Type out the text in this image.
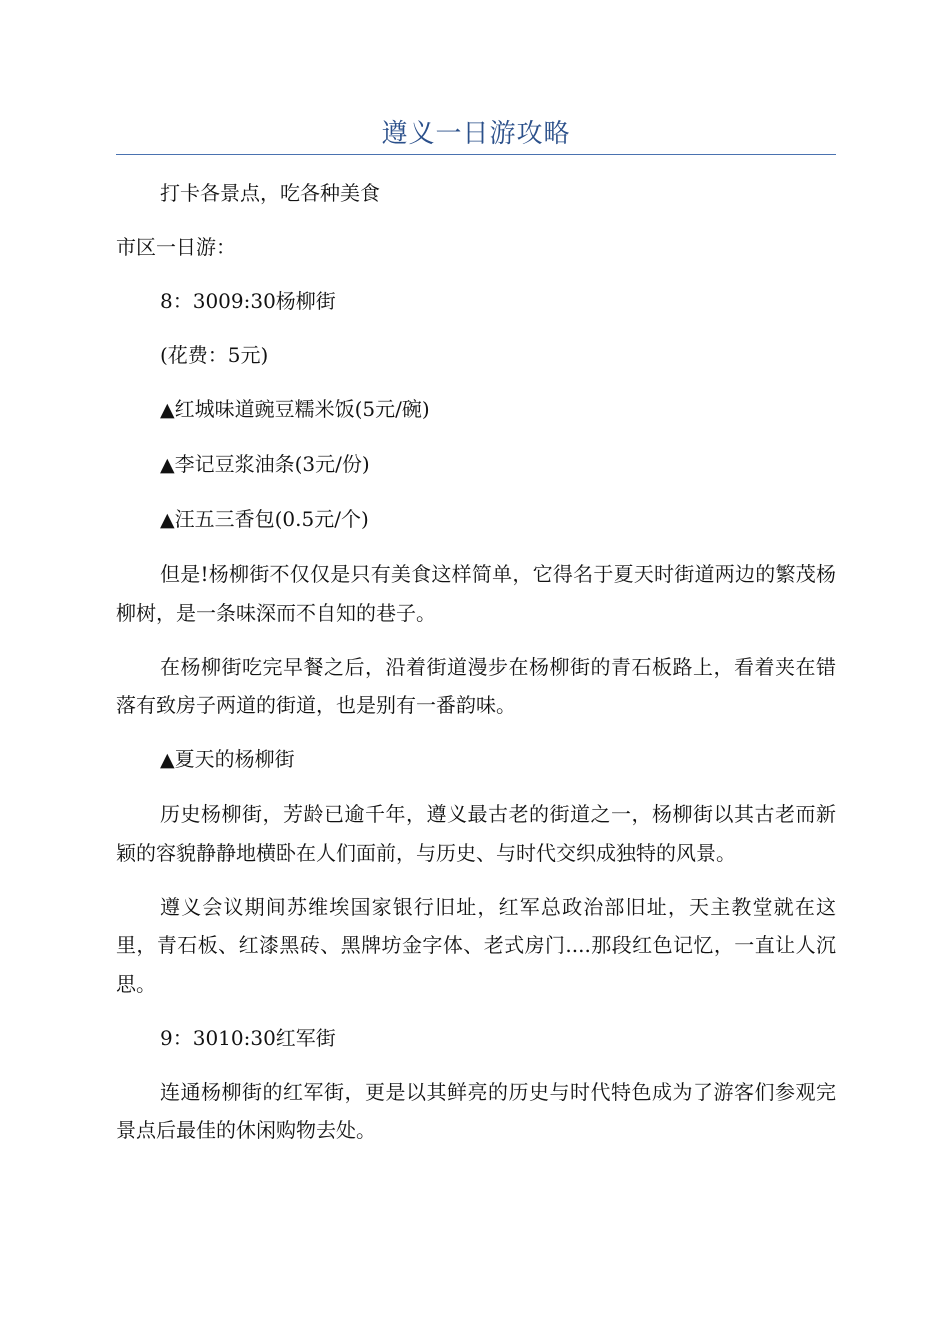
遵义一日游攻略

打卡各景点，吃各种美食

市区一日游：

8：3009:30杨柳街

(花费：5元)

▲红城味道豌豆糯米饭(5元/碗)

▲李记豆浆油条(3元/份)

▲汪五三香包(0.5元/个)

但是!杨柳街不仅仅是只有美食这样简单，它得名于夏天时街道两边的繁茂杨柳树，是一条味深而不自知的巷子。

在杨柳街吃完早餐之后，沿着街道漫步在杨柳街的青石板路上，看着夹在错落有致房子两道的街道，也是别有一番韵味。

▲夏天的杨柳街

历史杨柳街，芳龄已逾千年，遵义最古老的街道之一，杨柳街以其古老而新颖的容貌静静地横卧在人们面前，与历史、与时代交织成独特的风景。

遵义会议期间苏维埃国家银行旧址，红军总政治部旧址，天主教堂就在这里，青石板、红漆黑砖、黑牌坊金字体、老式房门....那段红色记忆，一直让人沉思。

9：3010:30红军街

连通杨柳街的红军街，更是以其鲜亮的历史与时代特色成为了游客们参观完景点后最佳的休闲购物去处。
